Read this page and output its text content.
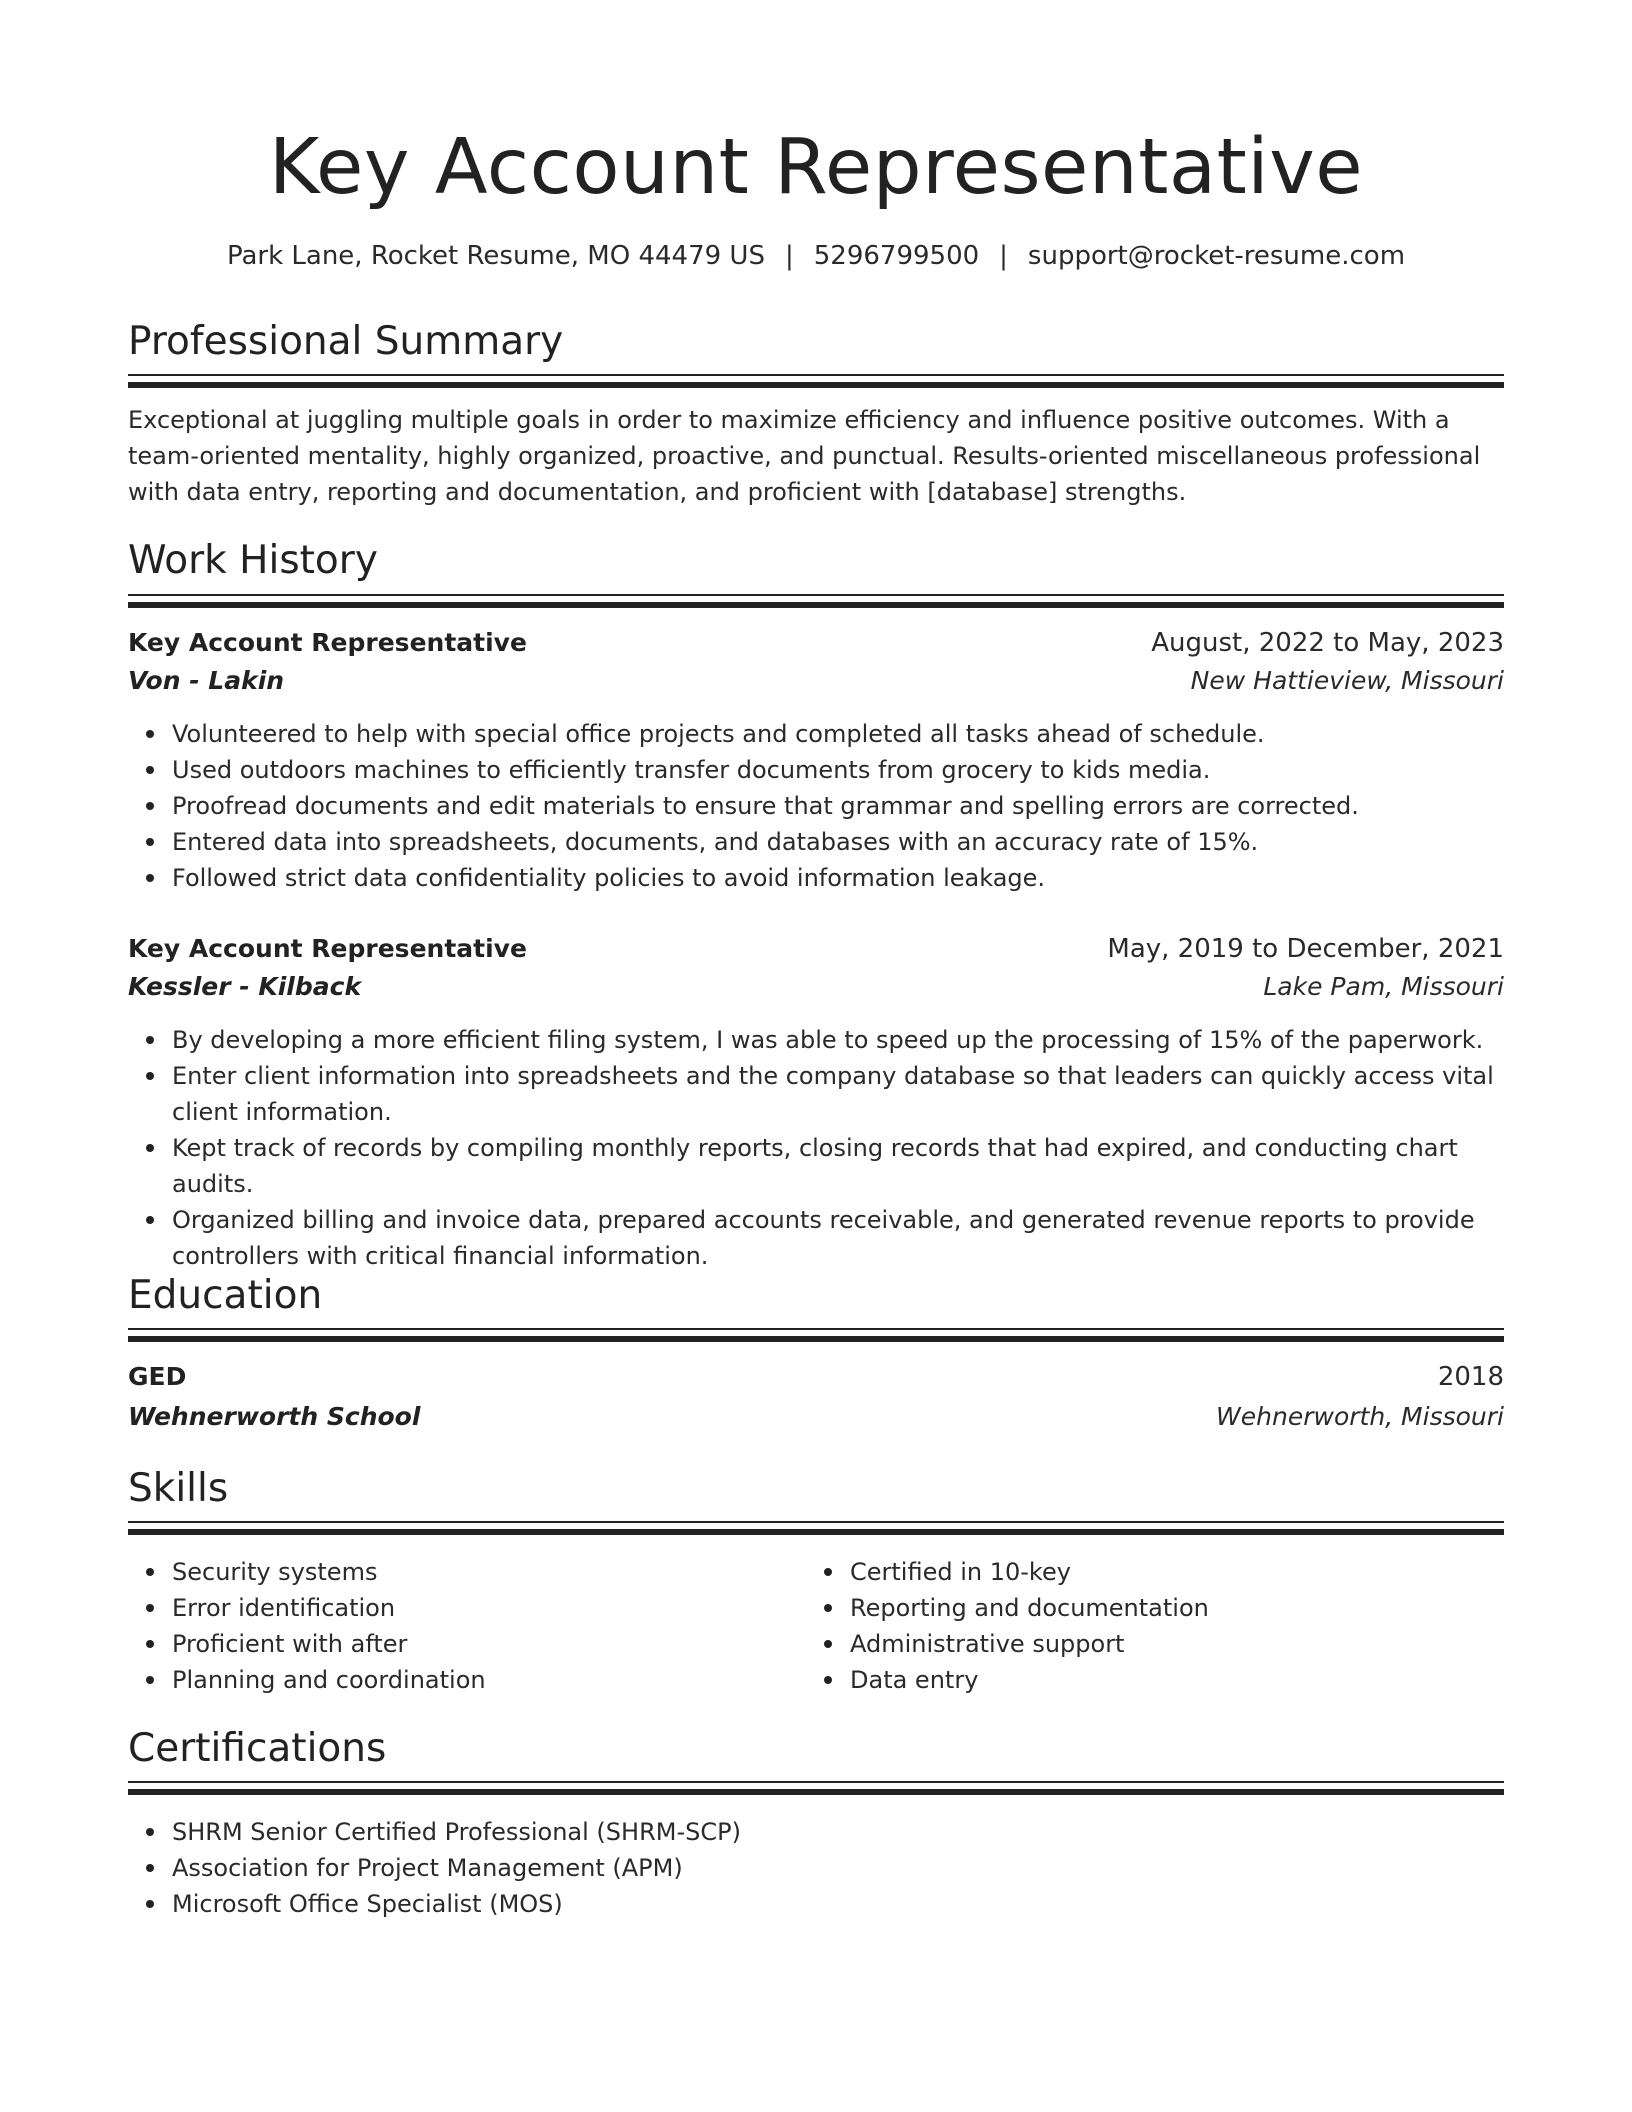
Key Account Representative
Park Lane, Rocket Resume, MO 44479 US | 5296799500 | support@rocket-resume.com
Professional Summary
Exceptional at juggling multiple goals in order to maximize efficiency and influence positive outcomes. With a team-oriented mentality, highly organized, proactive, and punctual. Results-oriented miscellaneous professional with data entry, reporting and documentation, and proficient with [database] strengths.
Work History
Key Account Representative	August, 2022 to May, 2023
Von - Lakin	New Hattieview, Missouri
Volunteered to help with special office projects and completed all tasks ahead of schedule.
Used outdoors machines to efficiently transfer documents from grocery to kids media.
Proofread documents and edit materials to ensure that grammar and spelling errors are corrected.
Entered data into spreadsheets, documents, and databases with an accuracy rate of 15%.
Followed strict data confidentiality policies to avoid information leakage.
Key Account Representative	May, 2019 to December, 2021
Kessler - Kilback	Lake Pam, Missouri
By developing a more efficient filing system, I was able to speed up the processing of 15% of the paperwork.
Enter client information into spreadsheets and the company database so that leaders can quickly access vital client information.
Kept track of records by compiling monthly reports, closing records that had expired, and conducting chart audits.
Organized billing and invoice data, prepared accounts receivable, and generated revenue reports to provide controllers with critical financial information.
Education
GED	2018
Wehnerworth School	Wehnerworth, Missouri
Skills
Security systems
Error identification
Proficient with after
Planning and coordination
Certified in 10-key
Reporting and documentation
Administrative support
Data entry
Certifications
SHRM Senior Certified Professional (SHRM-SCP)
Association for Project Management (APM)
Microsoft Office Specialist (MOS)
